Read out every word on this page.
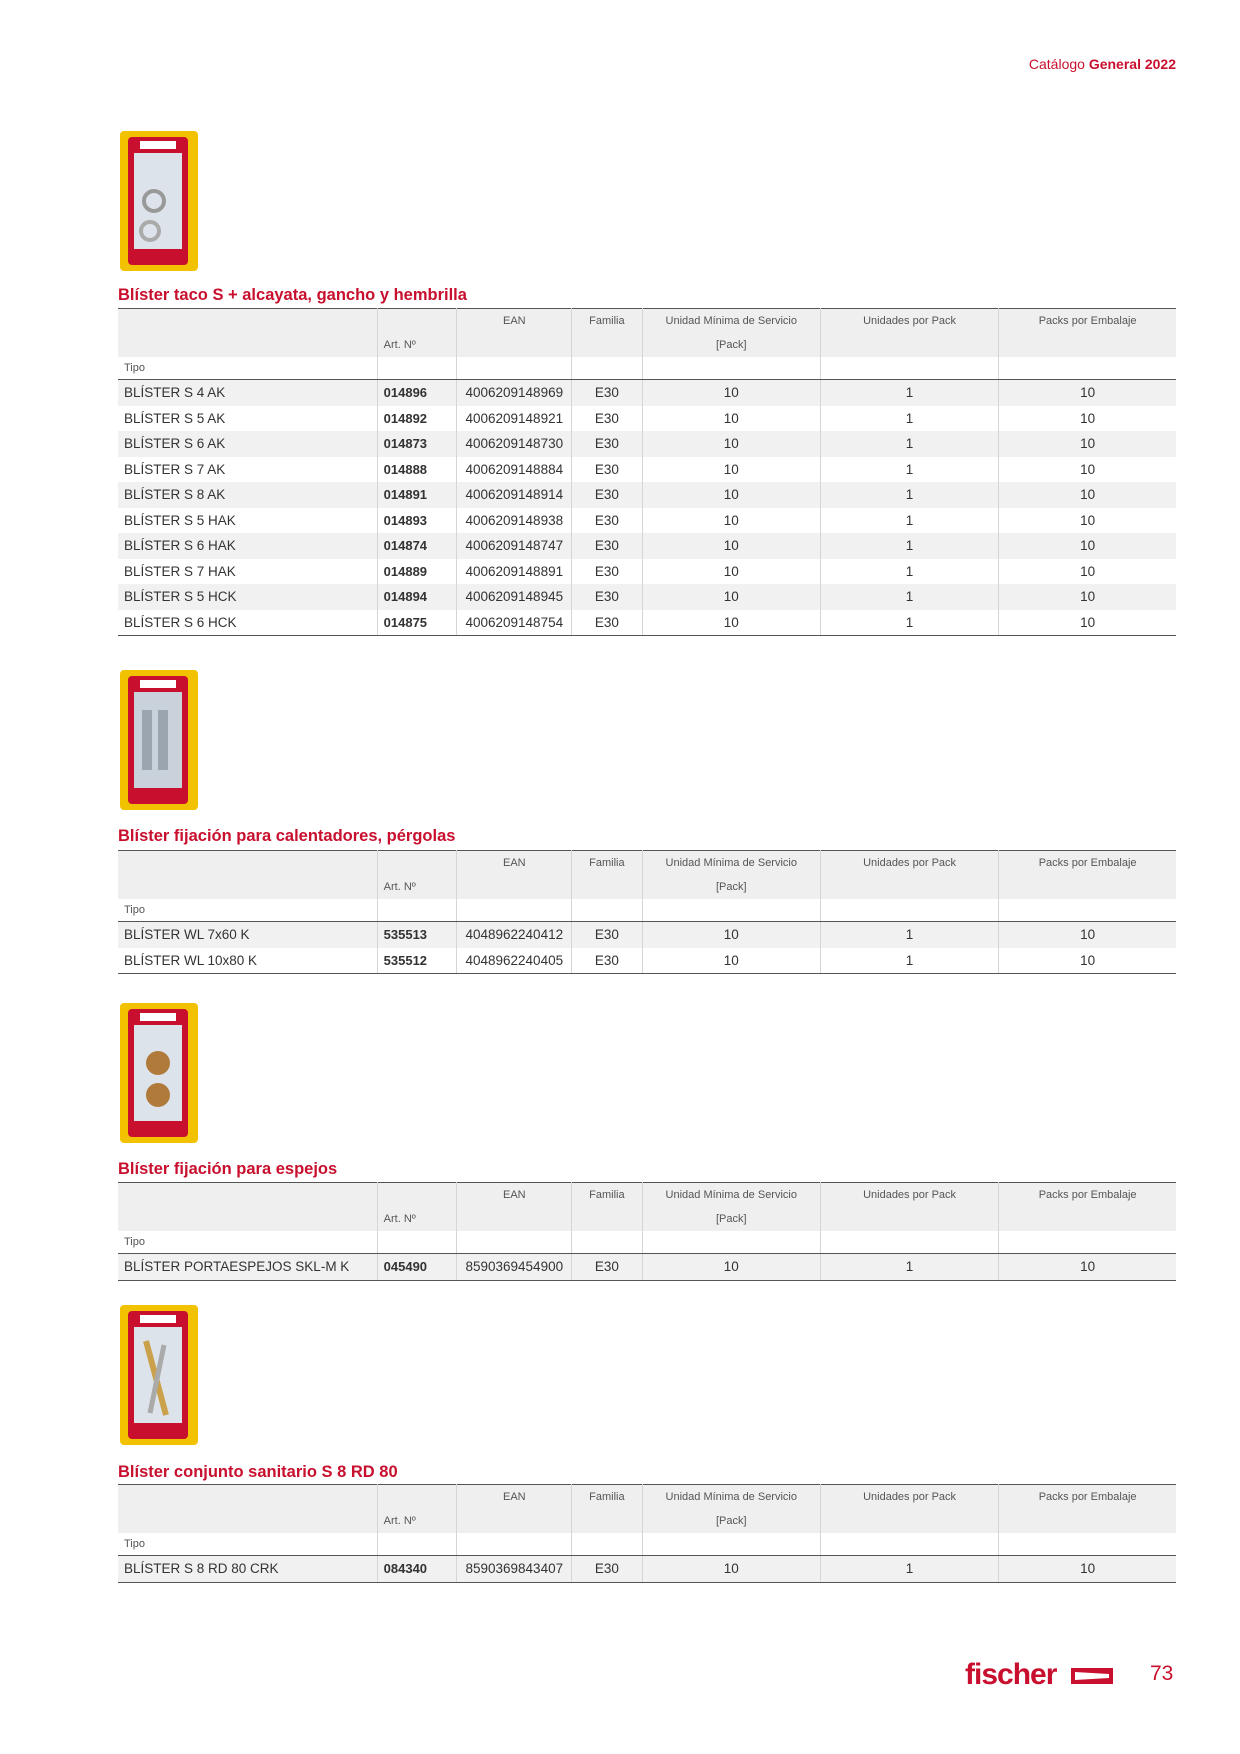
Catálogo General 2022
Blíster taco S + alcayata, gancho y hembrilla
		EAN	Familia	Unidad Mínima de Servicio	Unidades por Pack	Packs por Embalaje
	Art. Nº			[Pack]		
Tipo						
BLÍSTER S 4 AK	014896	4006209148969	E30	10	1	10
BLÍSTER S 5 AK	014892	4006209148921	E30	10	1	10
BLÍSTER S 6 AK	014873	4006209148730	E30	10	1	10
BLÍSTER S 7 AK	014888	4006209148884	E30	10	1	10
BLÍSTER S 8 AK	014891	4006209148914	E30	10	1	10
BLÍSTER S 5 HAK	014893	4006209148938	E30	10	1	10
BLÍSTER S 6 HAK	014874	4006209148747	E30	10	1	10
BLÍSTER S 7 HAK	014889	4006209148891	E30	10	1	10
BLÍSTER S 5 HCK	014894	4006209148945	E30	10	1	10
BLÍSTER S 6 HCK	014875	4006209148754	E30	10	1	10
Blíster fijación para calentadores, pérgolas
		EAN	Familia	Unidad Mínima de Servicio	Unidades por Pack	Packs por Embalaje
	Art. Nº			[Pack]		
Tipo						
BLÍSTER WL 7x60 K	535513	4048962240412	E30	10	1	10
BLÍSTER WL 10x80 K	535512	4048962240405	E30	10	1	10
Blíster fijación para espejos
		EAN	Familia	Unidad Mínima de Servicio	Unidades por Pack	Packs por Embalaje
	Art. Nº			[Pack]		
Tipo						
BLÍSTER PORTAESPEJOS SKL-M K	045490	8590369454900	E30	10	1	10
Blíster conjunto sanitario S 8 RD 80
		EAN	Familia	Unidad Mínima de Servicio	Unidades por Pack	Packs por Embalaje
	Art. Nº			[Pack]		
Tipo						
BLÍSTER S 8 RD 80 CRK	084340	8590369843407	E30	10	1	10
fischer	73
